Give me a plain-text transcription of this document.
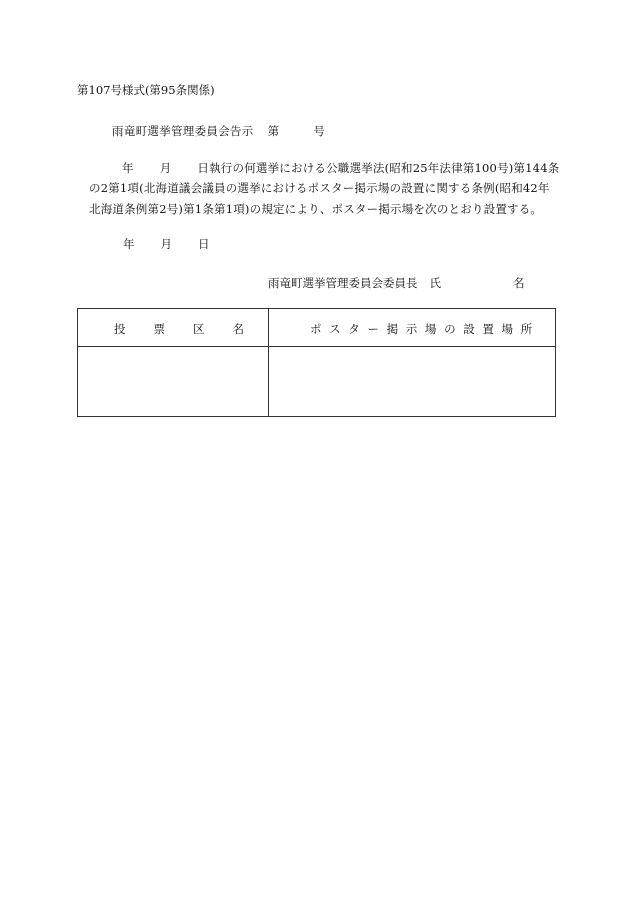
第107号様式(第95条関係)
雨竜町選挙管理委員会告示 第	号
年 月 日執行の何選挙における公職選挙法(昭和25年法律第100号)第144条
の2第1項(北海道議会議員の選挙におけるポスター掲示場の設置に関する条例(昭和42年
北海道条例第2号)第1条第1項)の規定により、ポスター掲示場を次のとおり設置する。
年 月 日
雨竜町選挙管理委員会委員長 氏	名
投 票 区 名	ポ ス タ ー 掲 示 場 の 設 置 場 所
